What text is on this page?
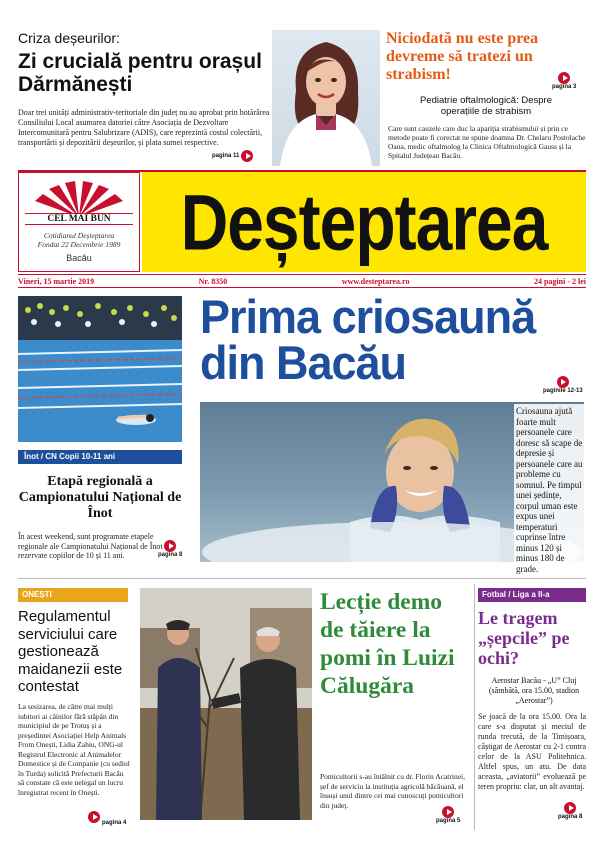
Criza deșeurilor:
Zi crucială pentru orașul Dărmănești
Doar trei unități administrativ-teritoriale din județ nu au aprobat prin hotărârea Consiliului Local asumarea datoriei către Asociația de Dezvoltare Intercomunitară pentru Salubrizare (ADIS), care reprezintă costul colectării, transportării și depozitării deșeurilor, și plata sumei respective.
pagina 11
Niciodată nu este prea devreme să tratezi un strabism!
pagina 3
Pediatrie oftalmologică: Despre operațiile de strabism
Care sunt cauzele care duc la apariția strabismului și prin ce metode poate fi corectat ne spune doamna Dr. Chelaru Postolache Oana, medic oftalmolog la Clinica Oftalmologică Gauss și la Spitalul Județean Bacău.
CEL MAI BUN
Cotidianul Deșteptarea
Fondat 22 Decembrie 1989
Bacău	Deșteptarea
Vineri, 15 martie 2019	Nr. 8350	www.desteptarea.ro	24 pagini - 2 lei
Înot / CN Copii 10-11 ani
Etapă regională a Campionatului Național de Înot
În acest weekend, sunt programate etapele regionale ale Campionatului Național de Înot rezervate copiilor de 10 și 11 ani.	pagina 8
Prima criosaună
din Bacău
paginile 12-13
Criosauna ajută foarte mult persoanele care doresc să scape de depresie și persoanele care au probleme cu somnul. Pe timpul unei ședințe, corpul uman este expus unei temperaturi cuprinse între minus 120 și minus 180 de grade.
ONEȘTI
Regulamentul serviciului care gestionează maidanezii este contestat
La sesizarea, de către mai mulți iubitori ai câinilor fără stăpân din municipiul de pe Trotuș și a președintei Asociației Help Animals From Onești, Lidia Zahiu, ONG-ul Registrul Electronic al Animalelor Domestice și de Companie (cu sediul în Turda) solicită Prefecturii Bacău să constate că este nelegal un lucru înregistrat recent în Onești.
pagina 4
Lecție demo de tăiere la pomi în Luizi Călugăra
Pomicultorii s-au întâlnit cu dr. Florin Acatrinei, șef de serviciu la instituția agricolă băcăuană, el însuși unul dintre cei mai cunoscuți pomicultori din județ.
pagina 5
Fotbal / Liga a II-a
Le tragem „șepcile” pe ochi?
Aerostar Bacău - „U” Cluj (sâmbătă, ora 15.00, stadion „Aerostar”)
Se joacă de la ora 15.00. Ora la care s-a disputat și meciul de runda trecută, de la Timișoara, câștigat de Aerostar cu 2-1 contra celor de la ASU Politehnica. Altfel spus, un atu. De data aceasta, „aviatorii” evoluează pe teren propriu: clar, un alt avantaj.
pagina 8
